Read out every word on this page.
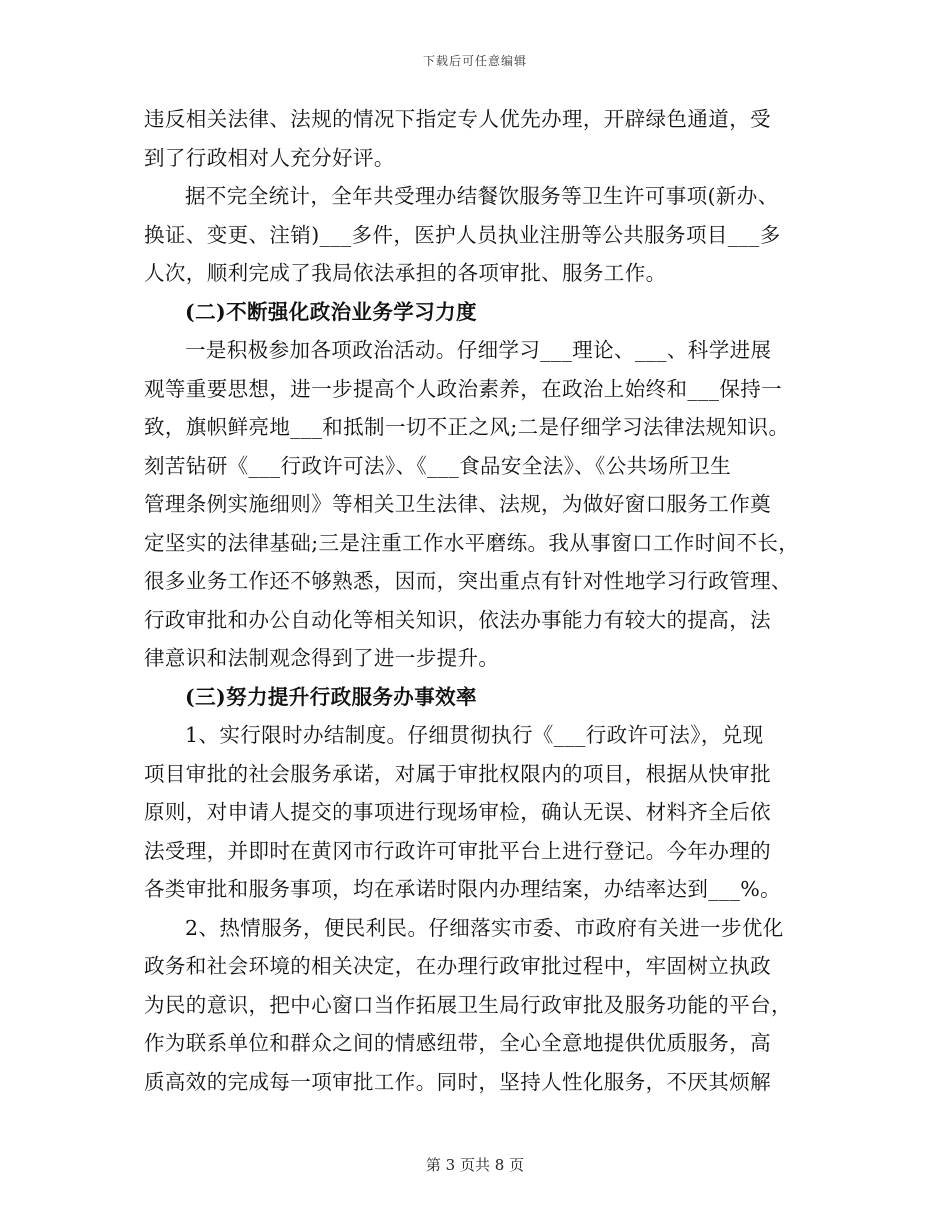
下载后可任意编辑
违反相关法律、法规的情况下指定专人优先办理，开辟绿色通道，受
到了行政相对人充分好评。
据不完全统计，全年共受理办结餐饮服务等卫生许可事项(新办、
换证、变更、注销)___多件，医护人员执业注册等公共服务项目___多
人次，顺利完成了我局依法承担的各项审批、服务工作。
(二)不断强化政治业务学习力度
一是积极参加各项政治活动。仔细学习___理论、___、科学进展
观等重要思想，进一步提高个人政治素养，在政治上始终和___保持一
致，旗帜鲜亮地___和抵制一切不正之风;二是仔细学习法律法规知识。
刻苦钻研《___行政许可法》、《___食品安全法》、《公共场所卫生
管理条例实施细则》等相关卫生法律、法规，为做好窗口服务工作奠
定坚实的法律基础;三是注重工作水平磨练。我从事窗口工作时间不长，
很多业务工作还不够熟悉，因而，突出重点有针对性地学习行政管理、
行政审批和办公自动化等相关知识，依法办事能力有较大的提高，法
律意识和法制观念得到了进一步提升。
(三)努力提升行政服务办事效率
1、实行限时办结制度。仔细贯彻执行《___行政许可法》，兑现
项目审批的社会服务承诺，对属于审批权限内的项目，根据从快审批
原则，对申请人提交的事项进行现场审检，确认无误、材料齐全后依
法受理，并即时在黄冈市行政许可审批平台上进行登记。今年办理的
各类审批和服务事项，均在承诺时限内办理结案，办结率达到___%。
2、热情服务，便民利民。仔细落实市委、市政府有关进一步优化
政务和社会环境的相关决定，在办理行政审批过程中，牢固树立执政
为民的意识，把中心窗口当作拓展卫生局行政审批及服务功能的平台，
作为联系单位和群众之间的情感纽带，全心全意地提供优质服务，高
质高效的完成每一项审批工作。同时，坚持人性化服务，不厌其烦解
第 3 页共 8 页
